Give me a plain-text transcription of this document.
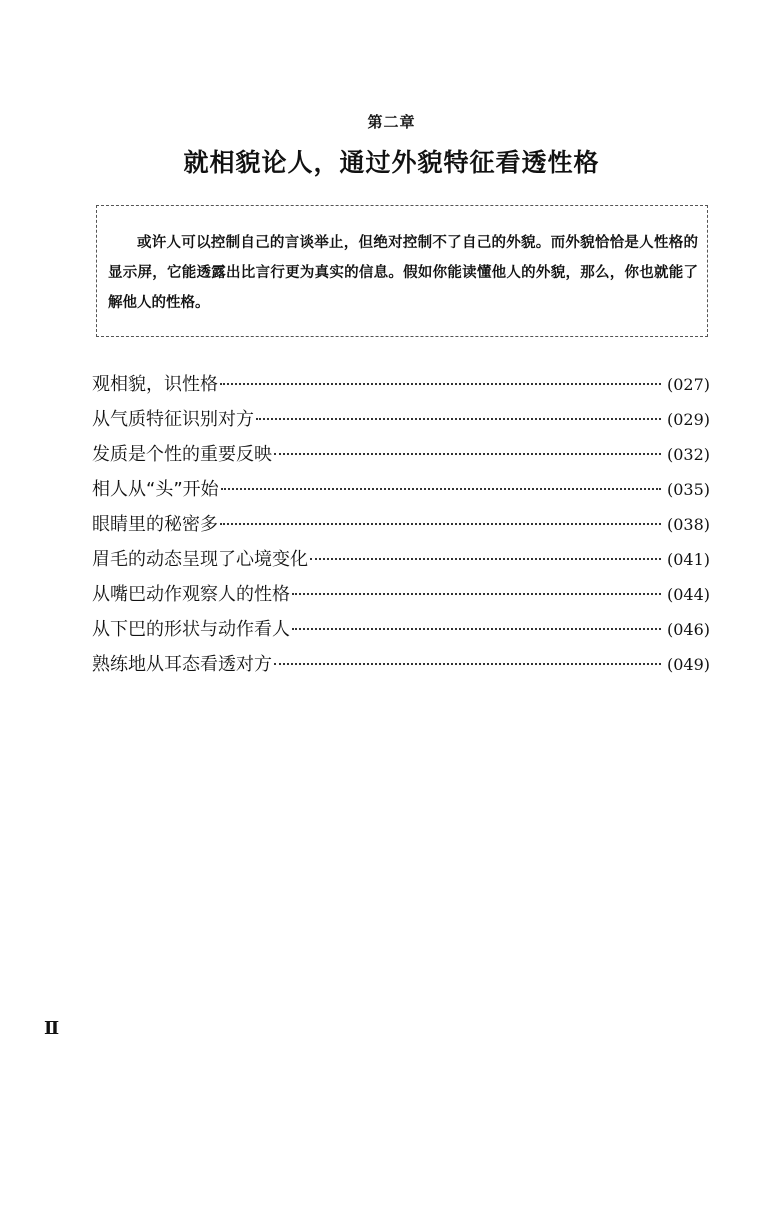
第二章
就相貌论人，通过外貌特征看透性格

或许人可以控制自己的言谈举止，但绝对控制不了自己的外貌。而外貌恰恰是人性格的显示屏，它能透露出比言行更为真实的信息。假如你能读懂他人的外貌，那么，你也就能了解他人的性格。

观相貌，识性格	(027)
从气质特征识别对方	(029)
发质是个性的重要反映	(032)
相人从“头”开始	(035)
眼睛里的秘密多	(038)
眉毛的动态呈现了心境变化	(041)
从嘴巴动作观察人的性格	(044)
从下巴的形状与动作看人	(046)
熟练地从耳态看透对方	(049)
Ⅱ
